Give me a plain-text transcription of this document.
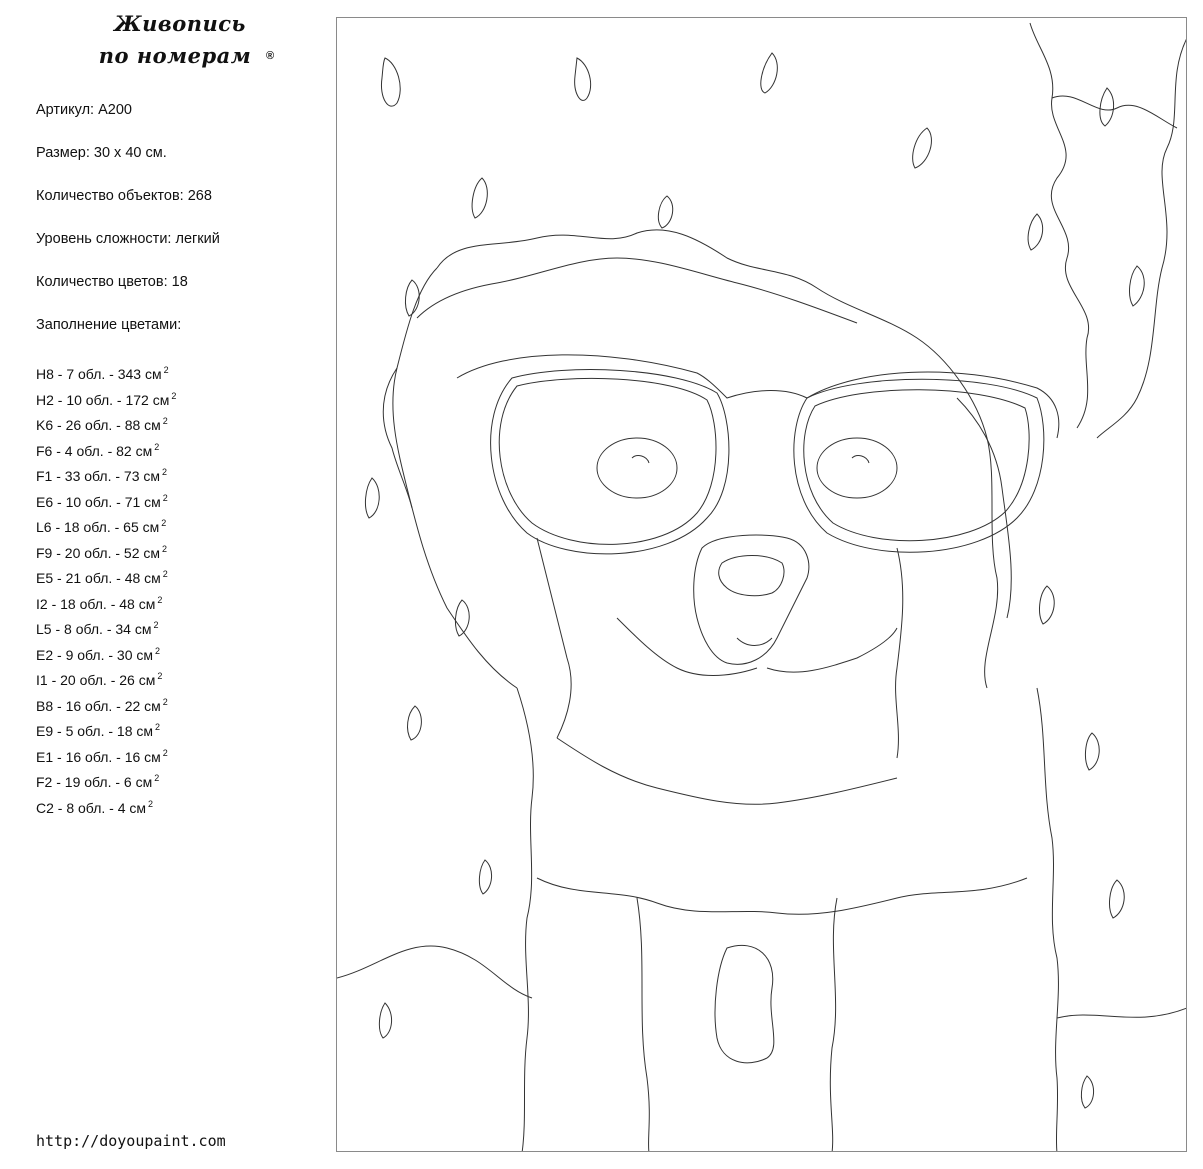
Живопись
по номерам	®
Артикул: А200
Размер: 30 х 40 см.
Количество объектов: 268
Уровень сложности: легкий
Количество цветов: 18
Заполнение цветами:
H8 - 7 обл. - 343 см $^2$
H2 - 10 обл. - 172 см $^2$
K6 - 26 обл. - 88 см $^2$
F6 - 4 обл. - 82 см $^2$
F1 - 33 обл. - 73 см $^2$
E6 - 10 обл. - 71 см $^2$
L6 - 18 обл. - 65 см $^2$
F9 - 20 обл. - 52 см $^2$
E5 - 21 обл. - 48 см $^2$
I2 - 18 обл. - 48 см $^2$
L5 - 8 обл. - 34 см $^2$
E2 - 9 обл. - 30 см $^2$
I1 - 20 обл. - 26 см $^2$
B8 - 16 обл. - 22 см $^2$
E9 - 5 обл. - 18 см $^2$
E1 - 16 обл. - 16 см $^2$
F2 - 19 обл. - 6 см $^2$
C2 - 8 обл. - 4 см $^2$
http://doyoupaint.com
